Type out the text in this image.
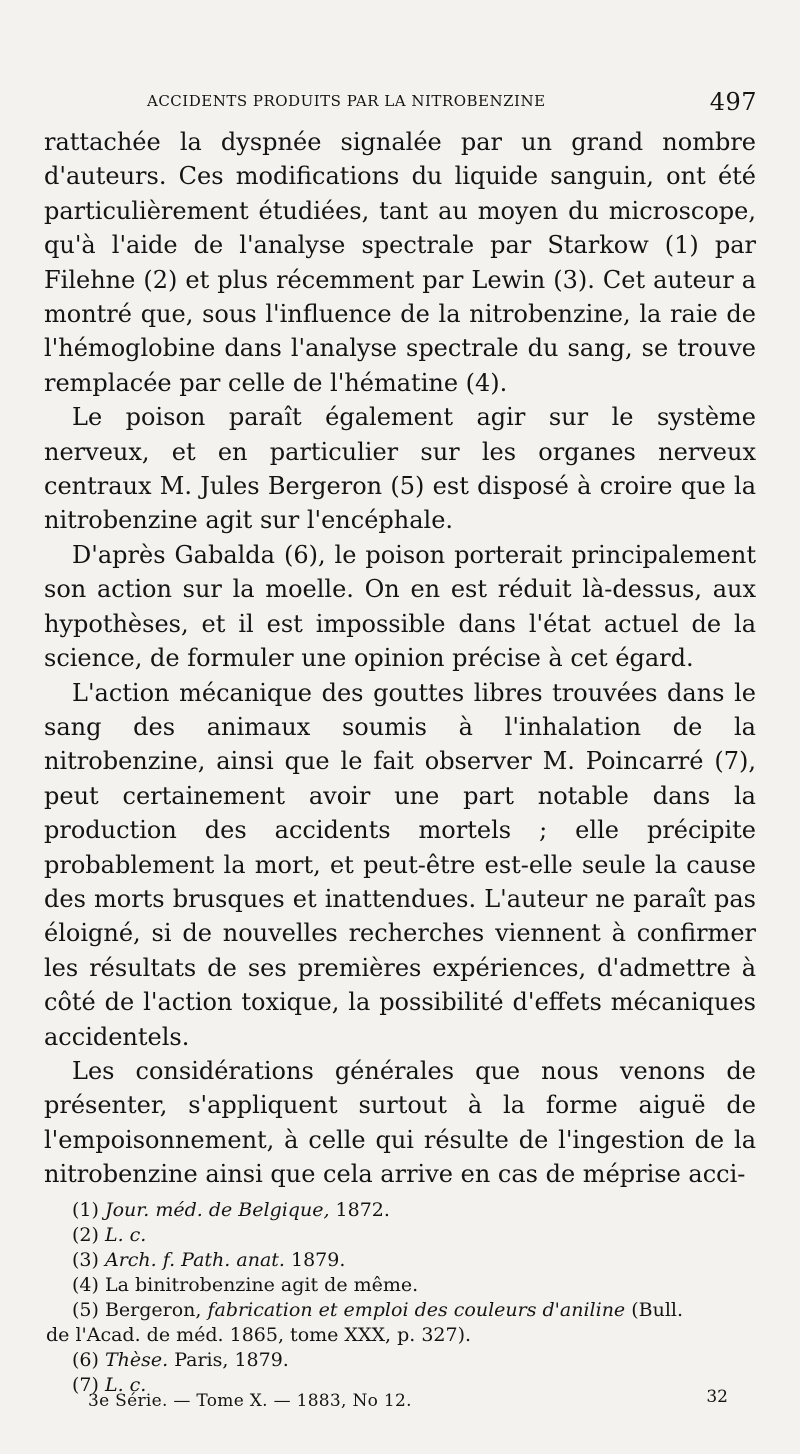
ACCIDENTS PRODUITS PAR LA NITROBENZINE	497

rattachée la dyspnée signalée par un grand nombre d'auteurs. Ces modifications du liquide sanguin, ont été particulièrement étudiées, tant au moyen du microscope, qu'à l'aide de l'analyse spectrale par Starkow (1) par Filehne (2) et plus récemment par Lewin (3). Cet auteur a montré que, sous l'influence de la nitrobenzine, la raie de l'hémoglobine dans l'analyse spectrale du sang, se trouve remplacée par celle de l'hématine (4).

Le poison paraît également agir sur le système nerveux, et en particulier sur les organes nerveux centraux M. Jules Bergeron (5) est disposé à croire que la nitrobenzine agit sur l'encéphale.

D'après Gabalda (6), le poison porterait principalement son action sur la moelle. On en est réduit là-dessus, aux hypothèses, et il est impossible dans l'état actuel de la science, de formuler une opinion précise à cet égard.

L'action mécanique des gouttes libres trouvées dans le sang des animaux soumis à l'inhalation de la nitrobenzine, ainsi que le fait observer M. Poincarré (7), peut certainement avoir une part notable dans la production des accidents mortels ; elle précipite probablement la mort, et peut-être est-elle seule la cause des morts brusques et inattendues. L'auteur ne paraît pas éloigné, si de nouvelles recherches viennent à confirmer les résultats de ses premières expériences, d'admettre à côté de l'action toxique, la possibilité d'effets mécaniques accidentels.

Les considérations générales que nous venons de présenter, s'appliquent surtout à la forme aiguë de l'empoisonnement, à celle qui résulte de l'ingestion de la nitrobenzine ainsi que cela arrive en cas de méprise acci-

(1) Jour. méd. de Belgique, 1872.
(2) L. c.
(3) Arch. f. Path. anat. 1879.
(4) La binitrobenzine agit de même.
(5) Bergeron, fabrication et emploi des couleurs d'aniline (Bull.
de l'Acad. de méd. 1865, tome XXX, p. 327).
(6) Thèse. Paris, 1879.
(7) L. c.
3e Série. — Tome X. — 1883, No 12.	32
